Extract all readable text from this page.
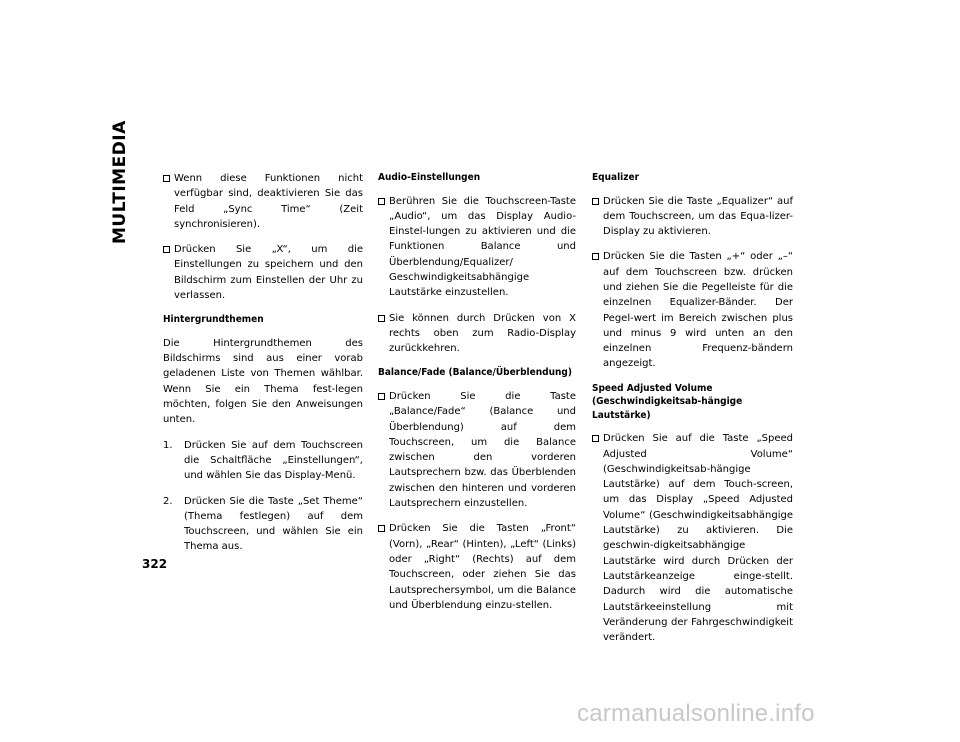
MULTIMEDIA	Wenn diese Funktionen nicht verfügbar sind, deaktivieren Sie das Feld „Sync Time“ (Zeit synchronisieren).
Drücken Sie „X“, um die Einstellungen zu speichern und den Bildschirm zum Einstellen der Uhr zu verlassen.
Hintergrundthemen
Die Hintergrundthemen des Bildschirms sind aus einer vorab geladenen Liste von Themen wählbar. Wenn Sie ein Thema fest-legen möchten, folgen Sie den Anweisungen unten.
1.	Drücken Sie auf dem Touchscreen die Schaltfläche „Einstellungen“, und wählen Sie das Display-Menü.
2.	Drücken Sie die Taste „Set Theme“ (Thema festlegen) auf dem Touchscreen, und wählen Sie ein Thema aus.
Audio-Einstellungen
Berühren Sie die Touchscreen-Taste „Audio“, um das Display Audio-Einstel-lungen zu aktivieren und die Funktionen Balance und Überblendung/Equalizer/ Geschwindigkeitsabhängige Lautstärke einzustellen.
Sie können durch Drücken von X rechts oben zum Radio-Display zurückkehren.
Balance/Fade (Balance/Überblendung)
Drücken Sie die Taste „Balance/Fade“ (Balance und Überblendung) auf dem Touchscreen, um die Balance zwischen den vorderen Lautsprechern bzw. das Überblenden zwischen den hinteren und vorderen Lautsprechern einzustellen.
Drücken Sie die Tasten „Front“ (Vorn), „Rear“ (Hinten), „Left“ (Links) oder „Right“ (Rechts) auf dem Touchscreen, oder ziehen Sie das Lautsprechersymbol, um die Balance und Überblendung einzu-stellen.
Equalizer
Drücken Sie die Taste „Equalizer“ auf dem Touchscreen, um das Equa-lizer-Display zu aktivieren.
Drücken Sie die Tasten „+“ oder „–“ auf dem Touchscreen bzw. drücken und ziehen Sie die Pegelleiste für die einzelnen Equalizer-Bänder. Der Pegel-wert im Bereich zwischen plus und minus 9 wird unten an den einzelnen Frequenz-bändern angezeigt.
Speed Adjusted Volume (Geschwindigkeitsab-hängige Lautstärke)
Drücken Sie auf die Taste „Speed Adjusted Volume“ (Geschwindigkeitsab-hängige Lautstärke) auf dem Touch-screen, um das Display „Speed Adjusted Volume“ (Geschwindigkeitsabhängige Lautstärke) zu aktivieren. Die geschwin-digkeitsabhängige Lautstärke wird durch Drücken der Lautstärkeanzeige einge-stellt. Dadurch wird die automatische Lautstärkeeinstellung mit Veränderung der Fahrgeschwindigkeit verändert.
322
carmanualsonline.info
